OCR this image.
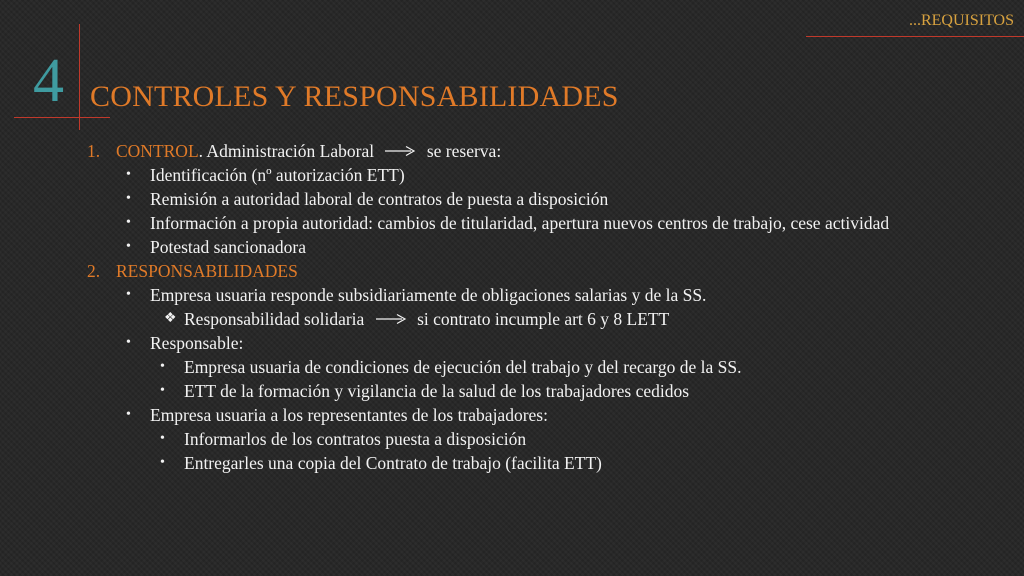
...REQUISITOS
4 CONTROLES Y RESPONSABILIDADES
1. CONTROL. Administración Laboral	se reserva:
• Identificación (nº autorización ETT)
• Remisión a autoridad laboral de contratos de puesta a disposición
• Información a propia autoridad: cambios de titularidad, apertura nuevos centros de trabajo, cese actividad
• Potestad sancionadora
2. RESPONSABILIDADES
• Empresa usuaria responde subsidiariamente de obligaciones salarias y de la SS.
❖ Responsabilidad solidaria	si contrato incumple art 6 y 8 LETT
• Responsable:
• Empresa usuaria de condiciones de ejecución del trabajo y del recargo de la SS.
• ETT de la formación y vigilancia de la salud de los trabajadores cedidos
• Empresa usuaria a los representantes de los trabajadores:
• Informarlos de los contratos puesta a disposición
• Entregarles una copia del Contrato de trabajo (facilita ETT)
